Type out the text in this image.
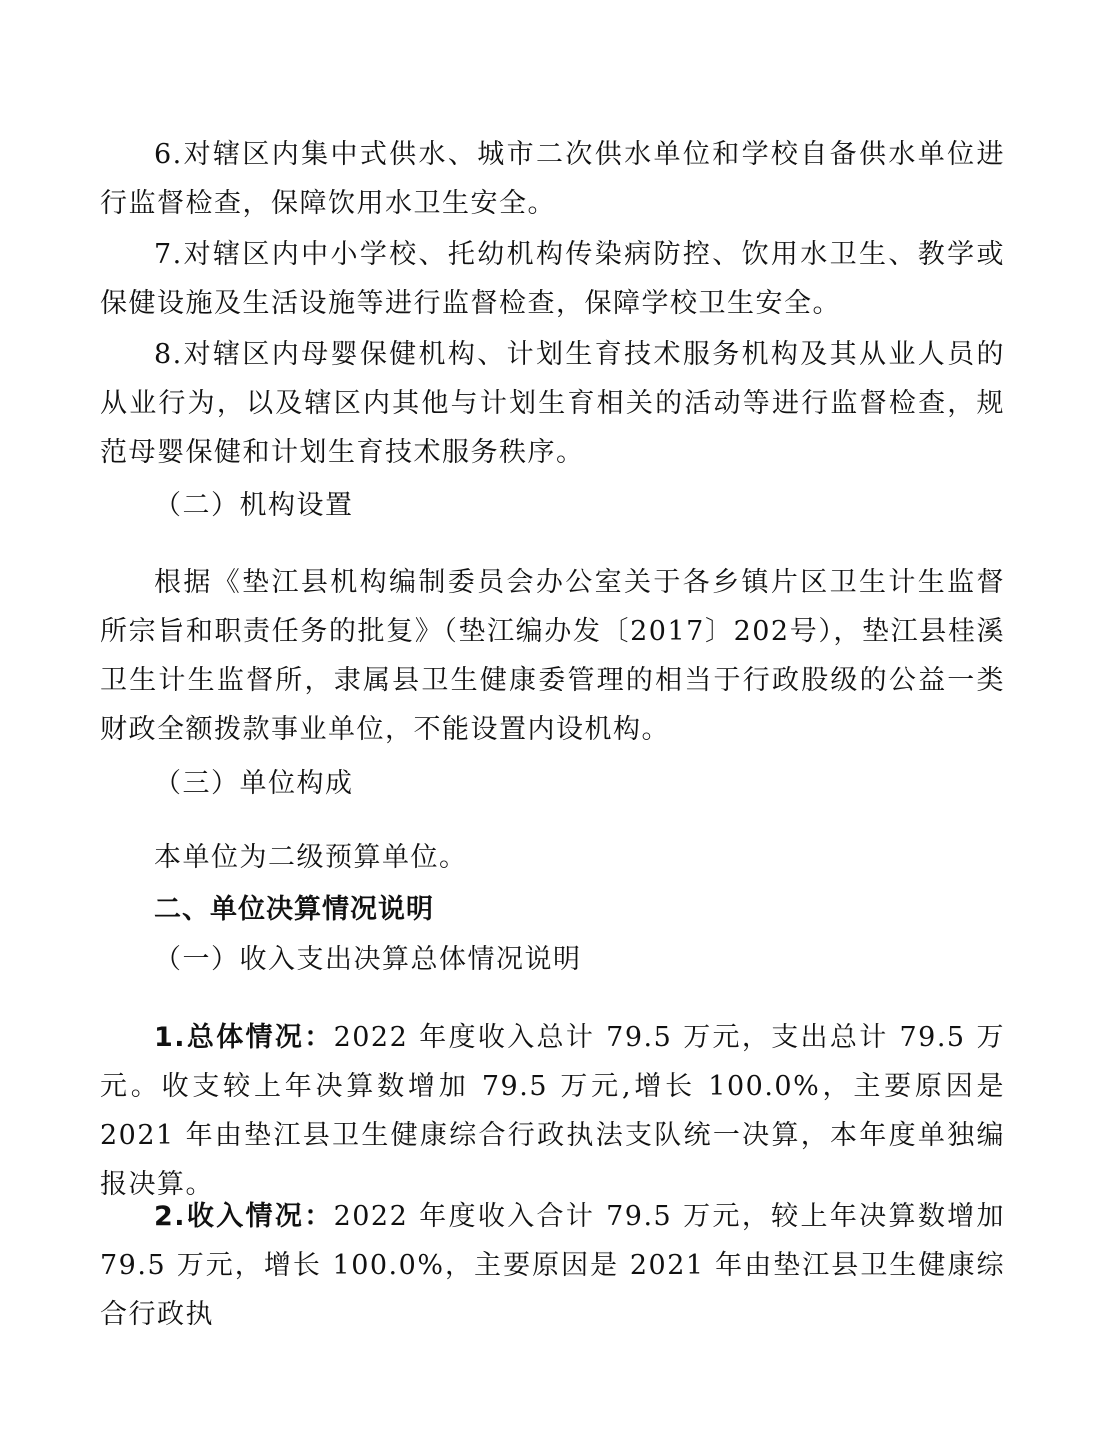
6.对辖区内集中式供水、城市二次供水单位和学校自备供水单位进行监督检查，保障饮用水卫生安全。

7.对辖区内中小学校、托幼机构传染病防控、饮用水卫生、教学或保健设施及生活设施等进行监督检查，保障学校卫生安全。

8.对辖区内母婴保健机构、计划生育技术服务机构及其从业人员的从业行为，以及辖区内其他与计划生育相关的活动等进行监督检查，规范母婴保健和计划生育技术服务秩序。

（二）机构设置

根据《垫江县机构编制委员会办公室关于各乡镇片区卫生计生监督所宗旨和职责任务的批复》（垫江编办发〔2017〕202号），垫江县桂溪卫生计生监督所，隶属县卫生健康委管理的相当于行政股级的公益一类财政全额拨款事业单位，不能设置内设机构。

（三）单位构成

本单位为二级预算单位。

二、单位决算情况说明

（一）收入支出决算总体情况说明

1.总体情况：2022 年度收入总计 79.5 万元，支出总计 79.5 万元。收支较上年决算数增加 79.5 万元,增长 100.0%，主要原因是 2021 年由垫江县卫生健康综合行政执法支队统一决算，本年度单独编报决算。

2.收入情况：2022 年度收入合计 79.5 万元，较上年决算数增加 79.5 万元，增长 100.0%，主要原因是 2021 年由垫江县卫生健康综合行政执
